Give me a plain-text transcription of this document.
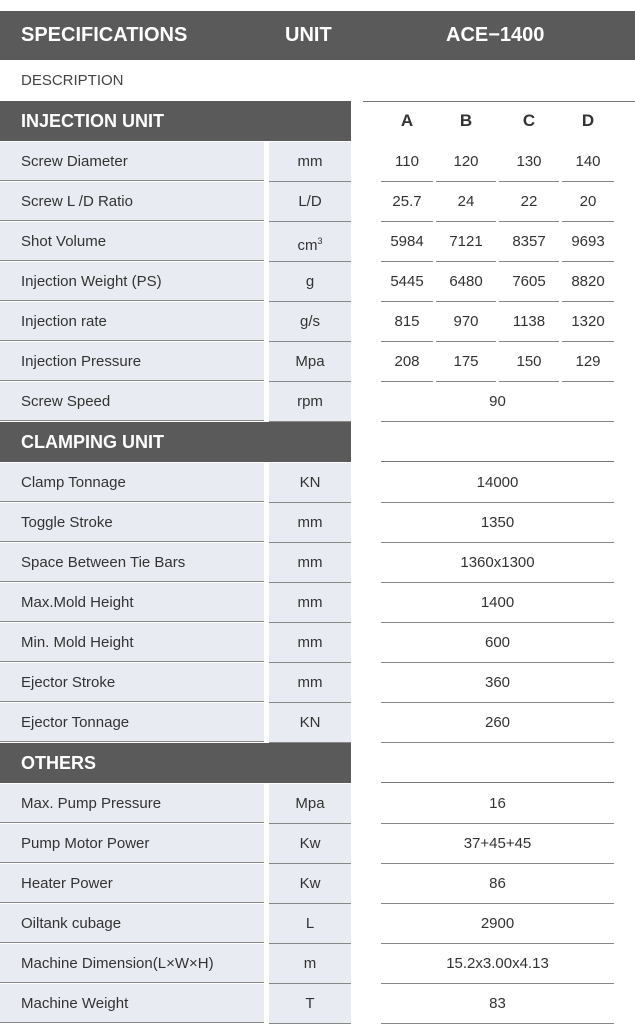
SPECIFICATIONS	UNIT	ACE−1400
DESCRIPTION
INJECTION UNIT	A	B	C	D
Screw Diameter	mm	110	120	130	140
Screw L /D Ratio	L/D	25.7	24	22	20
Shot Volume	$cm^3$	5984	7121	8357	9693
Injection Weight (PS)	g	5445	6480	7605	8820
Injection rate	g/s	815	970	1138	1320
Injection Pressure	Mpa	208	175	150	129
Screw Speed	rpm	90
CLAMPING UNIT
Clamp Tonnage	KN	14000
Toggle Stroke	mm	1350
Space Between Tie Bars	mm	1360x1300
Max.Mold Height	mm	1400
Min. Mold Height	mm	600
Ejector Stroke	mm	360
Ejector Tonnage	KN	260
OTHERS
Max. Pump Pressure	Mpa	16
Pump Motor Power	Kw	37+45+45
Heater Power	Kw	86
Oiltank cubage	L	2900
Machine Dimension(L×W×H)	m	15.2x3.00x4.13
Machine Weight	T	83
